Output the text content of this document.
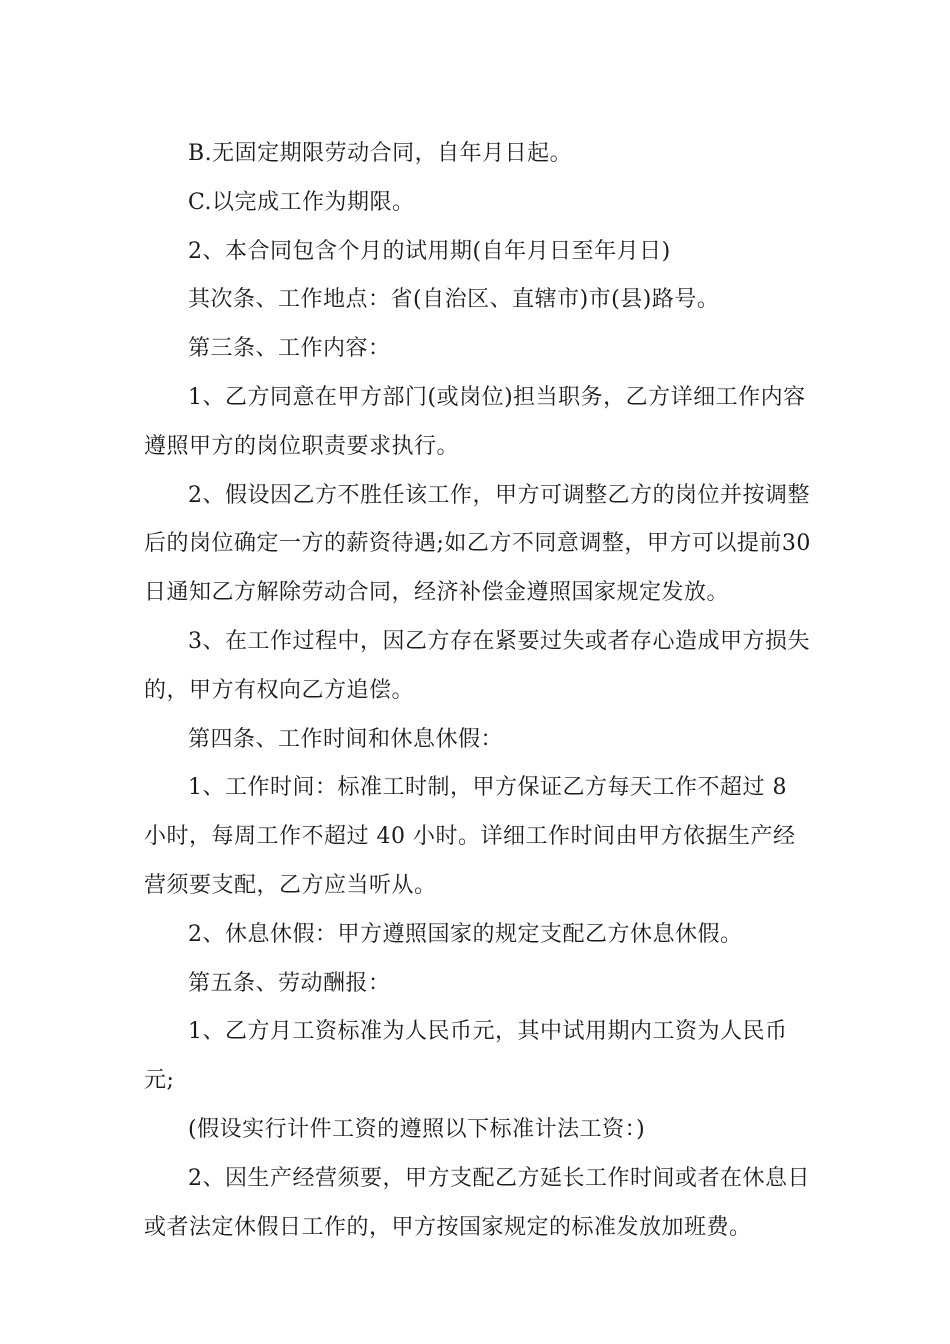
B.无固定期限劳动合同，自年月日起。

C.以完成工作为期限。

2、本合同包含个月的试用期(自年月日至年月日)

其次条、工作地点：省(自治区、直辖市)市(县)路号。

第三条、工作内容：

1、乙方同意在甲方部门(或岗位)担当职务，乙方详细工作内容遵照甲方的岗位职责要求执行。

2、假设因乙方不胜任该工作，甲方可调整乙方的岗位并按调整后的岗位确定一方的薪资待遇;如乙方不同意调整，甲方可以提前30日通知乙方解除劳动合同，经济补偿金遵照国家规定发放。

3、在工作过程中，因乙方存在紧要过失或者存心造成甲方损失的，甲方有权向乙方追偿。

第四条、工作时间和休息休假：

1、工作时间：标准工时制，甲方保证乙方每天工作不超过 8 小时，每周工作不超过 40 小时。详细工作时间由甲方依据生产经营须要支配，乙方应当听从。

2、休息休假：甲方遵照国家的规定支配乙方休息休假。

第五条、劳动酬报：

1、乙方月工资标准为人民币元，其中试用期内工资为人民币元;

(假设实行计件工资的遵照以下标准计法工资：)

2、因生产经营须要，甲方支配乙方延长工作时间或者在休息日或者法定休假日工作的，甲方按国家规定的标准发放加班费。
